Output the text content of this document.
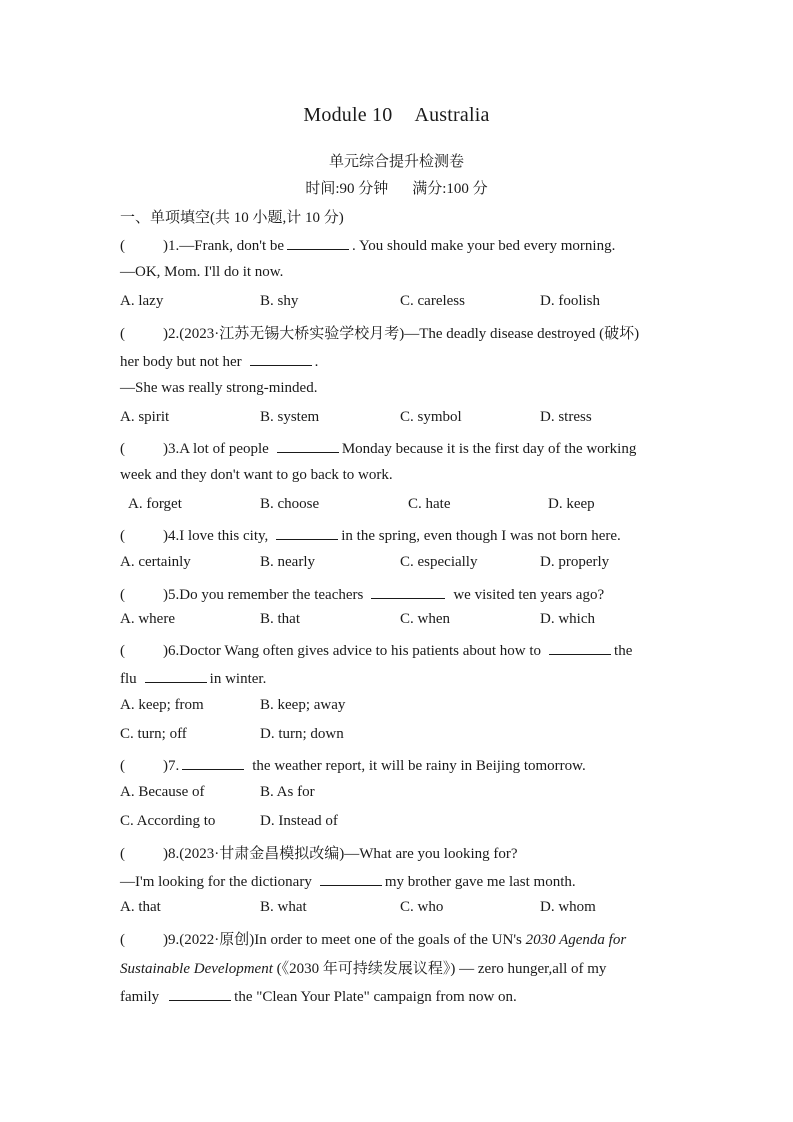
Module 10 Australia
单元综合提升检测卷
时间:90 分钟 满分:100 分
一、单项填空(共 10 小题,计 10 分)
(	)1.—Frank, don't be	. You should make your bed every morning.
—OK, Mom. I'll do it now.
A. lazy	B. shy	C. careless	D. foolish
(	)2.(2023·江苏无锡大桥实验学校月考)—The deadly disease destroyed (破坏)
her body but not her	.
—She was really strong-minded.
A. spirit	B. system	C. symbol	D. stress
(	)3.A lot of people	Monday because it is the first day of the working
week and they don't want to go back to work.
A. forget	B. choose	C. hate	D. keep
(	)4.I love this city,	in the spring, even though I was not born here.
A. certainly	B. nearly	C. especially	D. properly
(	)5.Do you remember the teachers	we visited ten years ago?
A. where	B. that	C. when	D. which
(	)6.Doctor Wang often gives advice to his patients about how to	the
flu	in winter.
A. keep; from	B. keep; away
C. turn; off	D. turn; down
(	)7.	the weather report, it will be rainy in Beijing tomorrow.
A. Because of	B. As for
C. According to	D. Instead of
(	)8.(2023·甘肃金昌模拟改编)—What are you looking for?
—I'm looking for the dictionary	my brother gave me last month.
A. that	B. what	C. who	D. whom
(	)9.(2022·原创)In order to meet one of the goals of the UN's 2030 Agenda for
Sustainable Development (《2030 年可持续发展议程》) — zero hunger,all of my
family	the "Clean Your Plate" campaign from now on.
